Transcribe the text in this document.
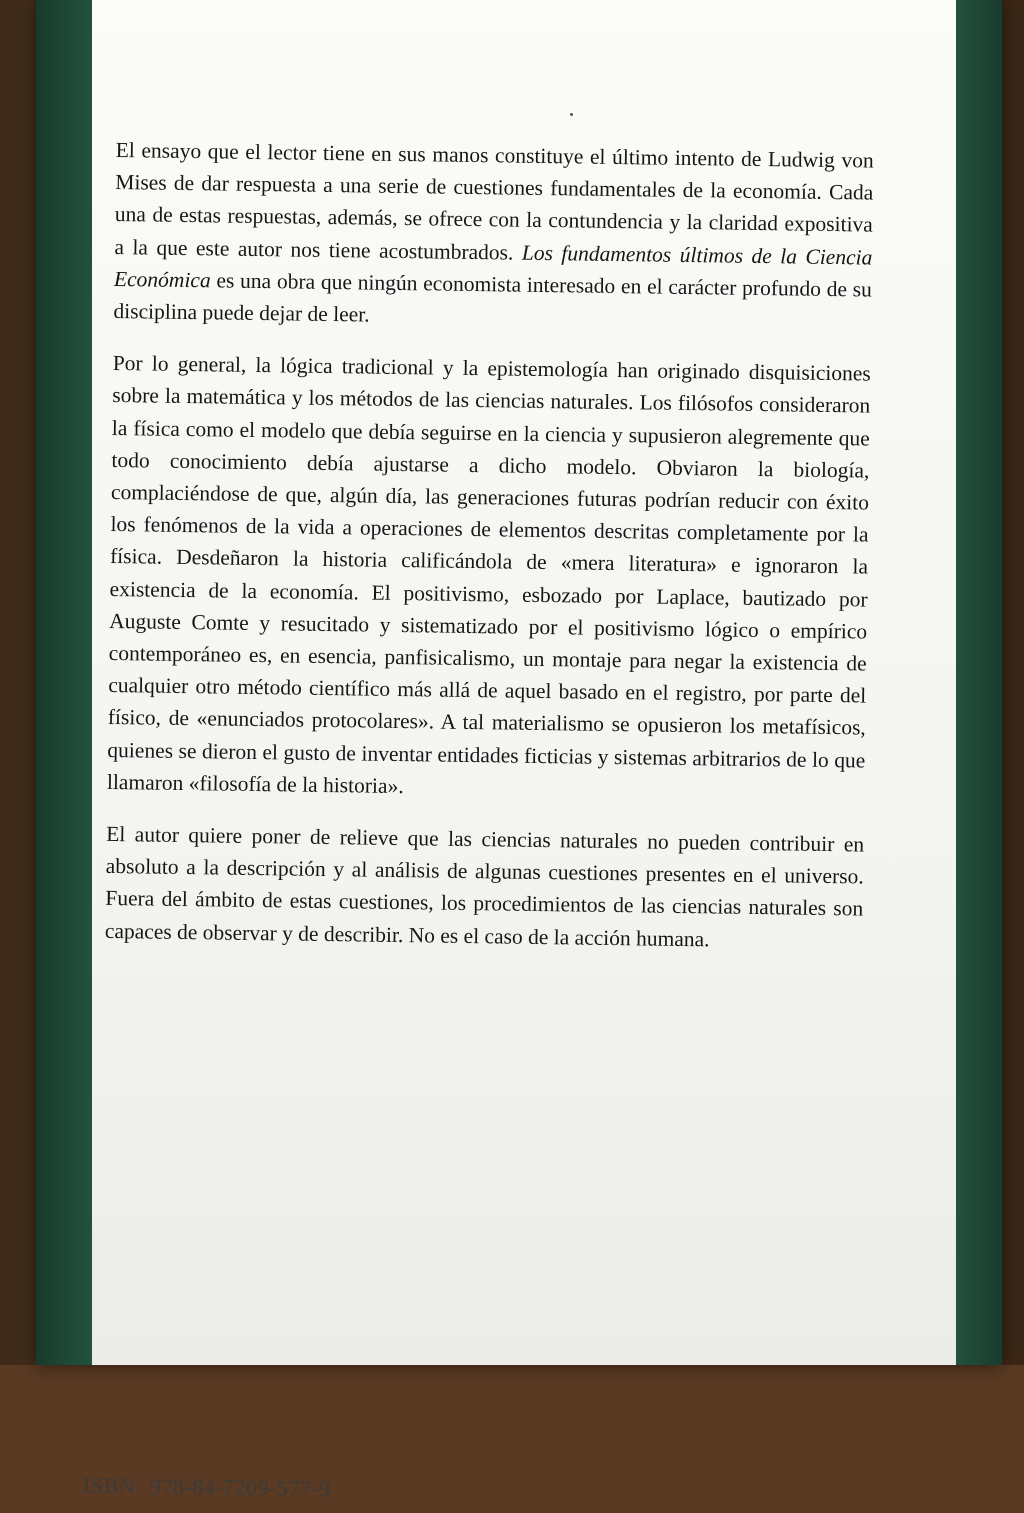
El ensayo que el lector tiene en sus manos constituye el último intento de Ludwig von Mises de dar respuesta a una serie de cuestiones fundamentales de la economía. Cada una de estas respuestas, además, se ofrece con la contundencia y la claridad expositiva a la que este autor nos tiene acostumbrados. Los fundamentos últimos de la Ciencia Económica es una obra que ningún economista interesado en el carácter profundo de su disciplina puede dejar de leer.

Por lo general, la lógica tradicional y la epistemología han originado disquisiciones sobre la matemática y los métodos de las ciencias naturales. Los filósofos consideraron la física como el modelo que debía seguirse en la ciencia y supusieron alegremente que todo conocimiento debía ajustarse a dicho modelo. Obviaron la biología, complaciéndose de que, algún día, las generaciones futuras podrían reducir con éxito los fenómenos de la vida a operaciones de elementos descritas completamente por la física. Desdeñaron la historia calificándola de «mera literatura» e ignoraron la existencia de la economía. El positivismo, esbozado por Laplace, bautizado por Auguste Comte y resucitado y sistematizado por el positivismo lógico o empírico contemporáneo es, en esencia, panfisicalismo, un montaje para negar la existencia de cualquier otro método científico más allá de aquel basado en el registro, por parte del físico, de «enunciados protocolares». A tal materialismo se opusieron los metafísicos, quienes se dieron el gusto de inventar entidades ficticias y sistemas arbitrarios de lo que llamaron «filosofía de la historia».

El autor quiere poner de relieve que las ciencias naturales no pueden contribuir en absoluto a la descripción y al análisis de algunas cuestiones presentes en el universo. Fuera del ámbito de estas cuestiones, los procedimientos de las ciencias naturales son capaces de observar y de describir. No es el caso de la acción humana.

ISBN: 978-84-7209-577-9
